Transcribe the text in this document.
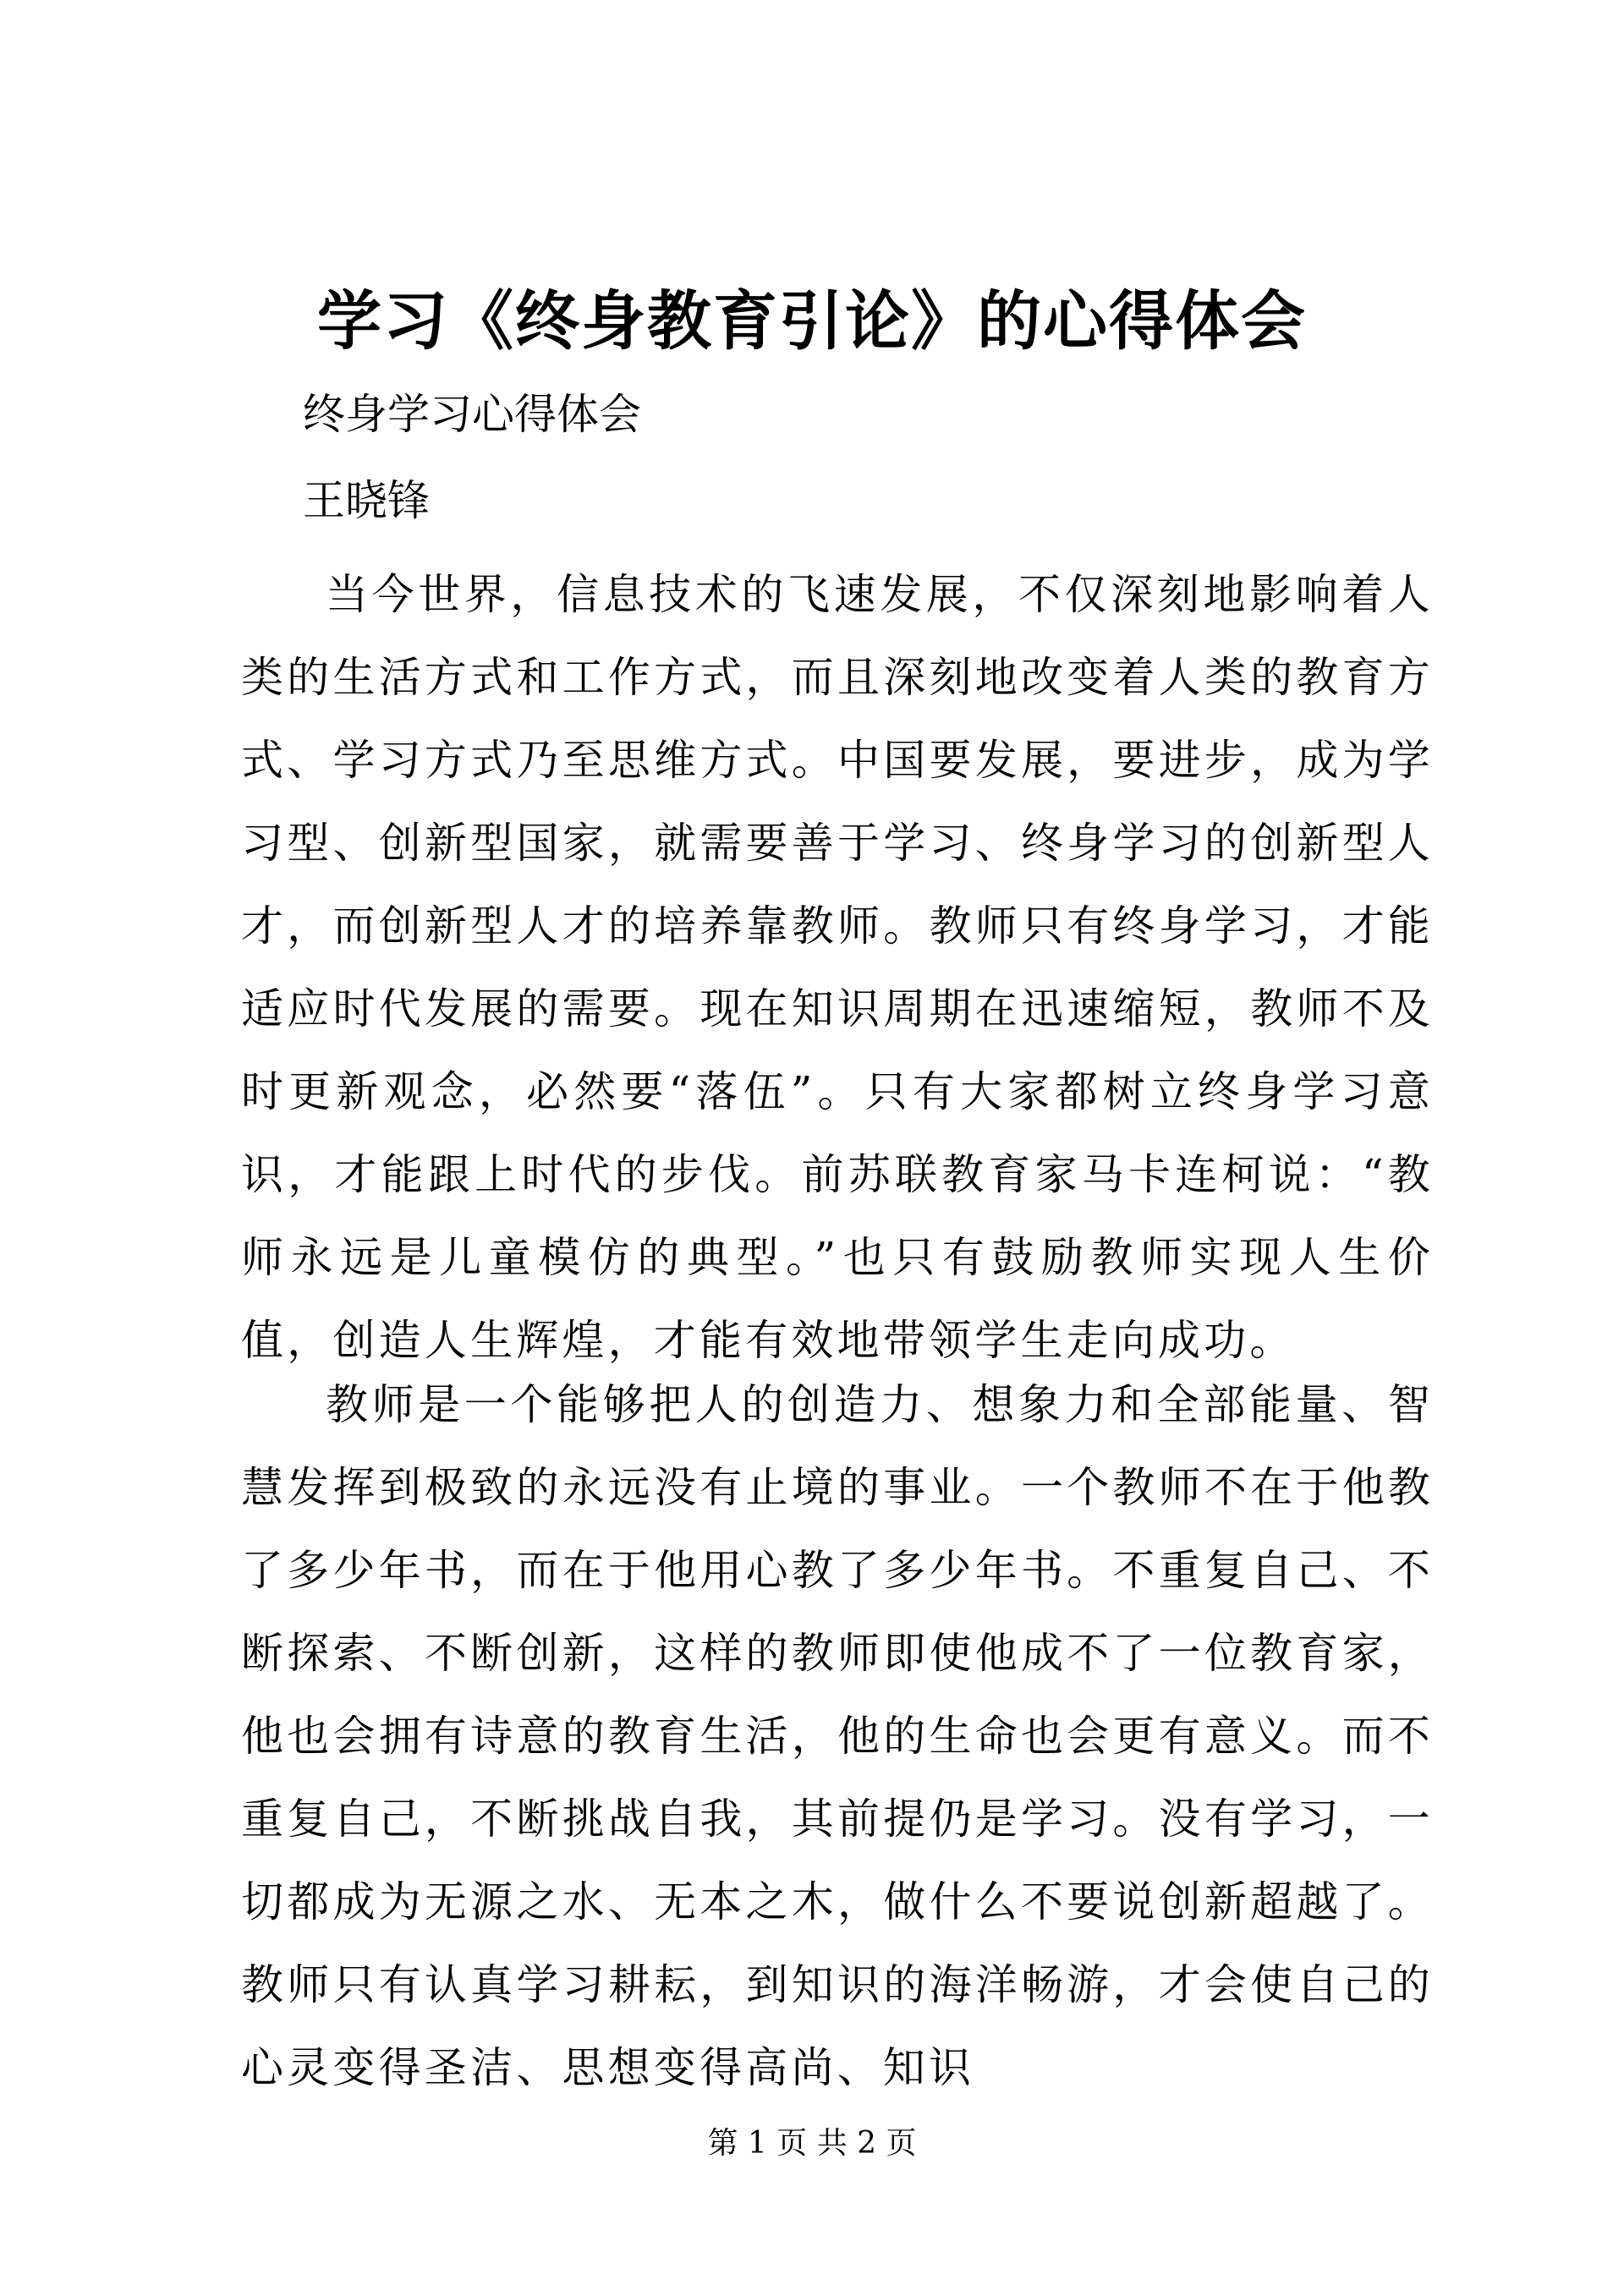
学习《终身教育引论》的心得体会
终身学习心得体会
王晓锋

当今世界，信息技术的飞速发展，不仅深刻地影响着人类的生活方式和工作方式，而且深刻地改变着人类的教育方式、学习方式乃至思维方式。中国要发展，要进步，成为学习型、创新型国家，就需要善于学习、终身学习的创新型人才，而创新型人才的培养靠教师。教师只有终身学习，才能适应时代发展的需要。现在知识周期在迅速缩短，教师不及时更新观念，必然要“落伍”。只有大家都树立终身学习意识，才能跟上时代的步伐。前苏联教育家马卡连柯说：“教师永远是儿童模仿的典型。”也只有鼓励教师实现人生价值，创造人生辉煌，才能有效地带领学生走向成功。

教师是一个能够把人的创造力、想象力和全部能量、智慧发挥到极致的永远没有止境的事业。一个教师不在于他教了多少年书，而在于他用心教了多少年书。不重复自己、不断探索、不断创新，这样的教师即使他成不了一位教育家，他也会拥有诗意的教育生活，他的生命也会更有意义。而不重复自己，不断挑战自我，其前提仍是学习。没有学习，一切都成为无源之水、无本之木，做什么不要说创新超越了。教师只有认真学习耕耘，到知识的海洋畅游，才会使自己的心灵变得圣洁、思想变得高尚、知识

第 1 页 共 2 页
